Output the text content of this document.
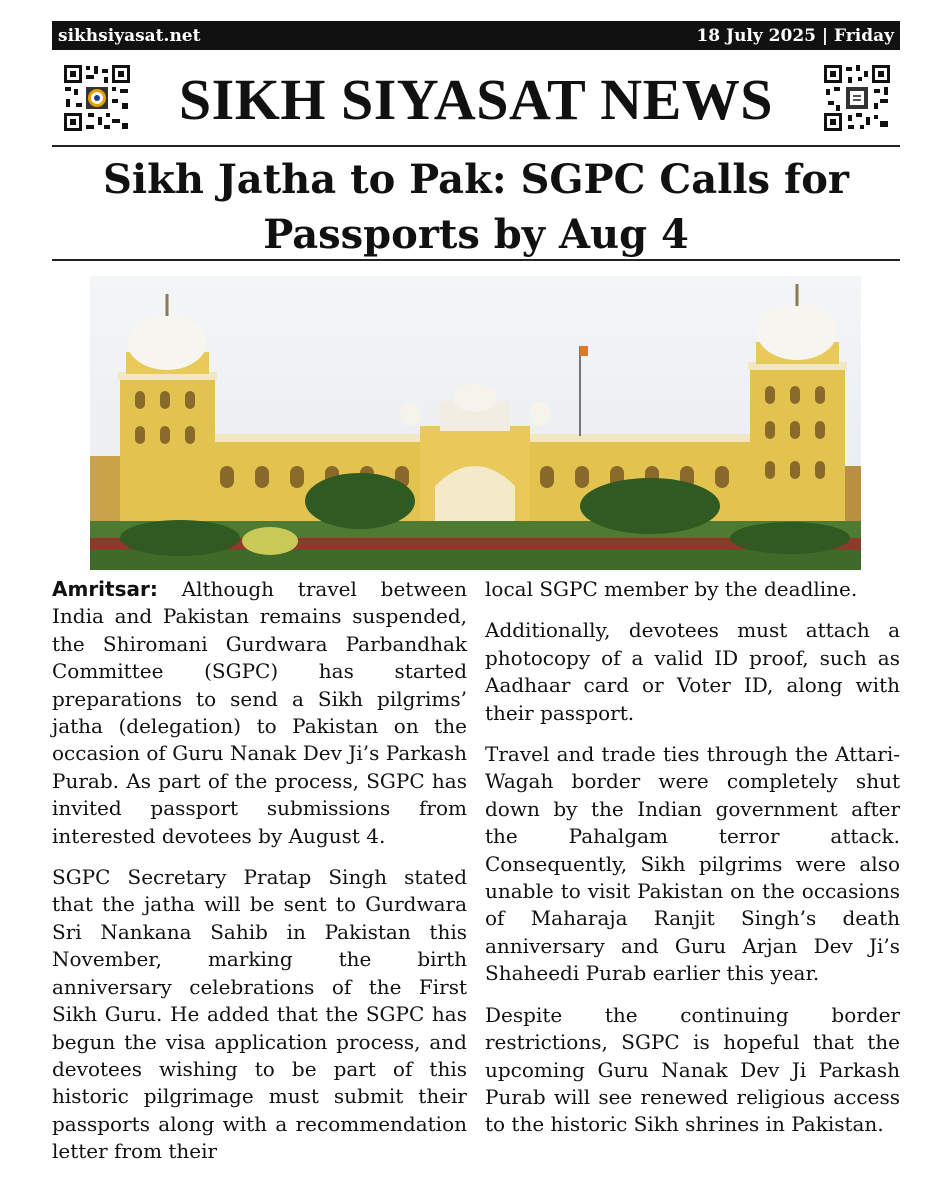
sikhsiyasat.net	18 July 2025 | Friday
SIKH SIYASAT NEWS
Sikh Jatha to Pak: SGPC Calls for
Passports by Aug 4

Amritsar: Although travel between India and Pakistan remains suspended, the Shiromani Gurdwara Parbandhak Committee (SGPC) has started preparations to send a Sikh pilgrims’ jatha (delegation) to Pakistan on the occasion of Guru Nanak Dev Ji’s Parkash Purab. As part of the process, SGPC has invited passport submissions from interested devotees by August 4.

SGPC Secretary Pratap Singh stated that the jatha will be sent to Gurdwara Sri Nankana Sahib in Pakistan this November, marking the birth anniversary celebrations of the First Sikh Guru. He added that the SGPC has begun the visa application process, and devotees wishing to be part of this historic pilgrimage must submit their passports along with a recommendation letter from their

local SGPC member by the deadline.

Additionally, devotees must attach a photocopy of a valid ID proof, such as Aadhaar card or Voter ID, along with their passport.

Travel and trade ties through the Attari-Wagah border were completely shut down by the Indian government after the Pahalgam terror attack. Consequently, Sikh pilgrims were also unable to visit Pakistan on the occasions of Maharaja Ranjit Singh’s death anniversary and Guru Arjan Dev Ji’s Shaheedi Purab earlier this year.

Despite the continuing border restrictions, SGPC is hopeful that the upcoming Guru Nanak Dev Ji Parkash Purab will see renewed religious access to the historic Sikh shrines in Pakistan.
